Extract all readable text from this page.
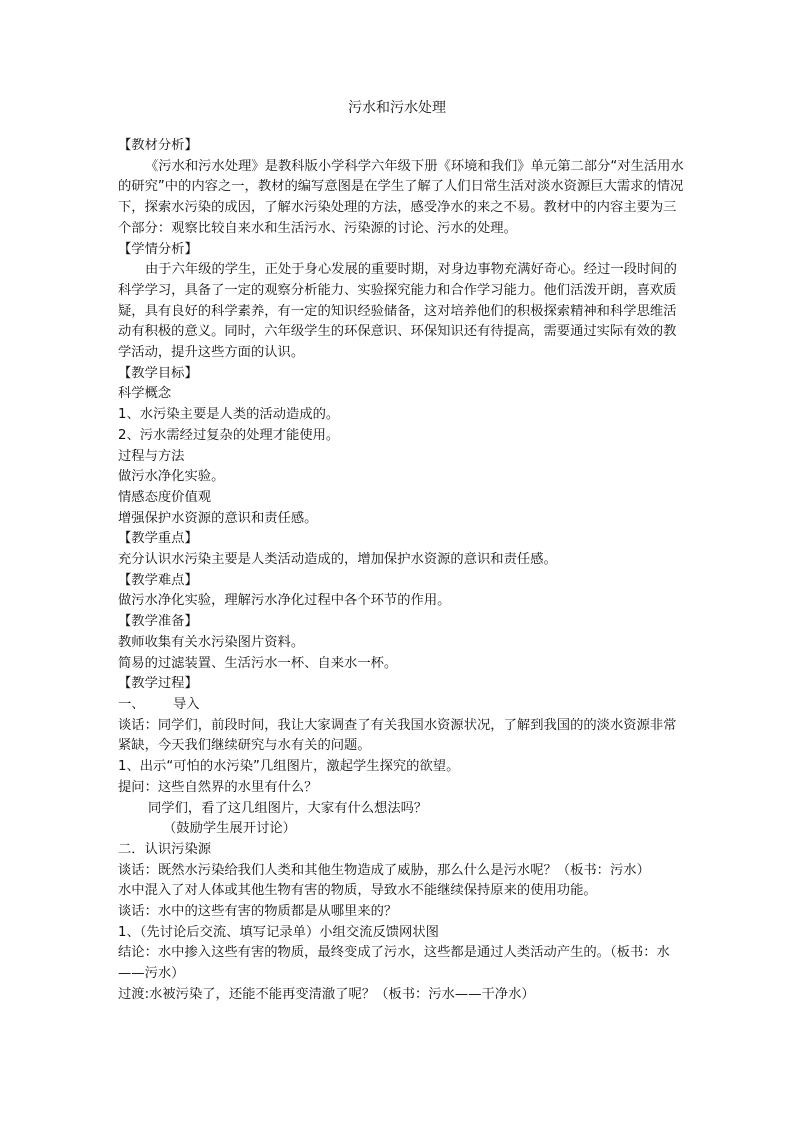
污水和污水处理

【教材分析】

《污水和污水处理》是教科版小学科学六年级下册《环境和我们》单元第二部分“对生活用水的研究”中的内容之一，教材的编写意图是在学生了解了人们日常生活对淡水资源巨大需求的情况下，探索水污染的成因，了解水污染处理的方法，感受净水的来之不易。教材中的内容主要为三个部分：观察比较自来水和生活污水、污染源的讨论、污水的处理。

【学情分析】

由于六年级的学生，正处于身心发展的重要时期，对身边事物充满好奇心。经过一段时间的科学学习，具备了一定的观察分析能力、实验探究能力和合作学习能力。他们活泼开朗，喜欢质疑，具有良好的科学素养，有一定的知识经验储备，这对培养他们的积极探索精神和科学思维活动有积极的意义。同时，六年级学生的环保意识、环保知识还有待提高，需要通过实际有效的教学活动，提升这些方面的认识。

【教学目标】

科学概念

1、水污染主要是人类的活动造成的。

2、污水需经过复杂的处理才能使用。

过程与方法

做污水净化实验。

情感态度价值观

增强保护水资源的意识和责任感。

【教学重点】

充分认识水污染主要是人类活动造成的，增加保护水资源的意识和责任感。

【教学难点】

做污水净化实验，理解污水净化过程中各个环节的作用。

【教学准备】

教师收集有关水污染图片资料。

简易的过滤装置、生活污水一杯、自来水一杯。

【教学过程】

一、 导入

谈话：同学们，前段时间，我让大家调查了有关我国水资源状况，了解到我国的的淡水资源非常紧缺，今天我们继续研究与水有关的问题。

1、出示“可怕的水污染”几组图片，激起学生探究的欲望。

提问：这些自然界的水里有什么？

同学们，看了这几组图片，大家有什么想法吗？

（鼓励学生展开讨论）

二．认识污染源

谈话：既然水污染给我们人类和其他生物造成了威胁，那么什么是污水呢？（板书：污水）

水中混入了对人体或其他生物有害的物质，导致水不能继续保持原来的使用功能。

谈话：水中的这些有害的物质都是从哪里来的？

1、（先讨论后交流、填写记录单）小组交流反馈网状图

结论：水中掺入这些有害的物质，最终变成了污水，这些都是通过人类活动产生的。（板书：水——污水）

过渡:水被污染了，还能不能再变清澈了呢？（板书：污水——干净水）
